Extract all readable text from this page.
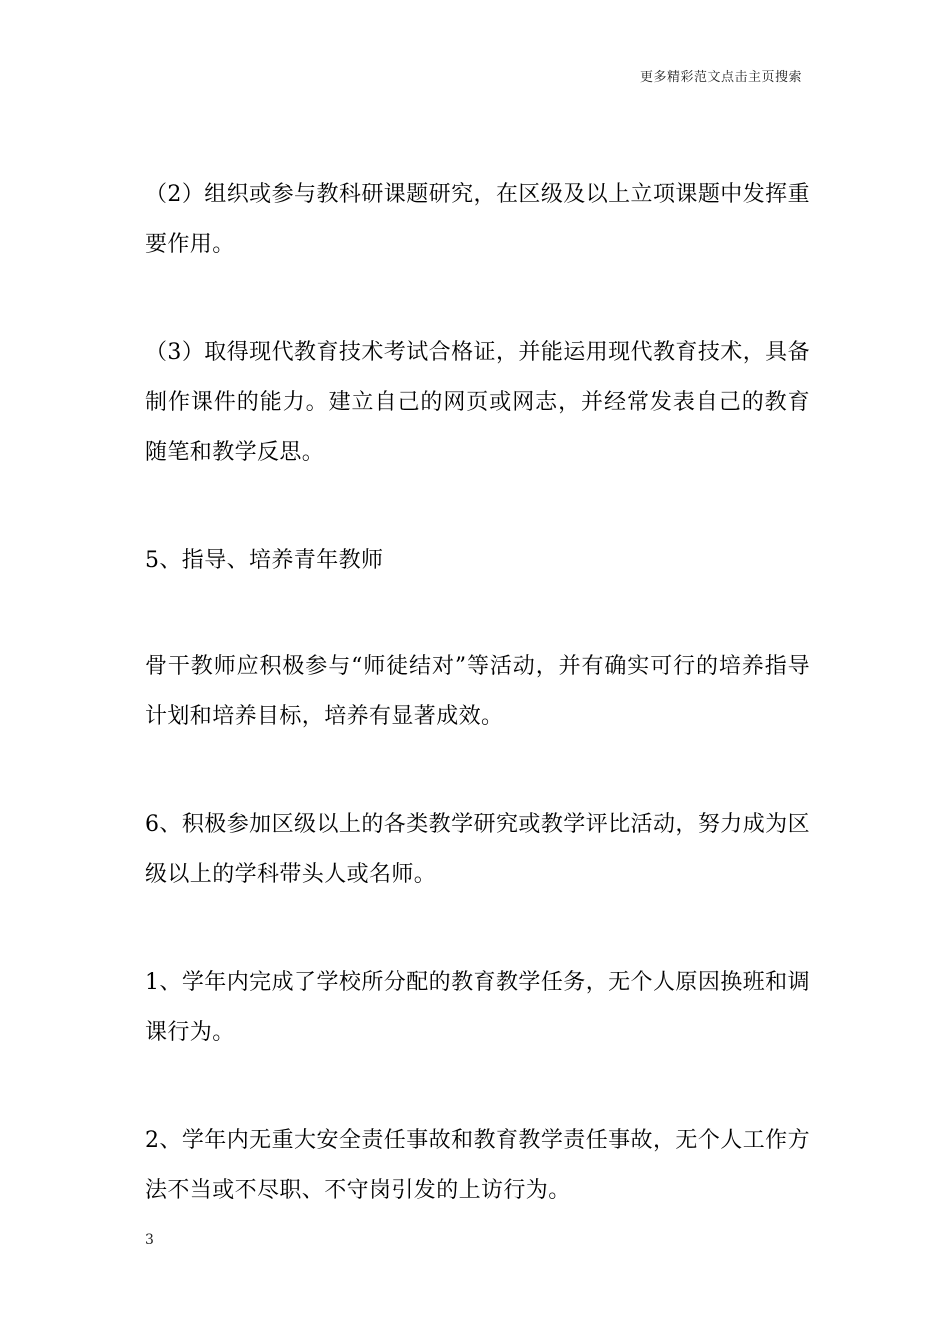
更多精彩范文点击主页搜索

（2）组织或参与教科研课题研究，在区级及以上立项课题中发挥重要作用。

（3）取得现代教育技术考试合格证，并能运用现代教育技术，具备制作课件的能力。建立自己的网页或网志，并经常发表自己的教育随笔和教学反思。

5、指导、培养青年教师

骨干教师应积极参与“师徒结对”等活动，并有确实可行的培养指导计划和培养目标，培养有显著成效。

6、积极参加区级以上的各类教学研究或教学评比活动，努力成为区级以上的学科带头人或名师。

1、学年内完成了学校所分配的教育教学任务，无个人原因换班和调课行为。

2、学年内无重大安全责任事故和教育教学责任事故，无个人工作方法不当或不尽职、不守岗引发的上访行为。

3
